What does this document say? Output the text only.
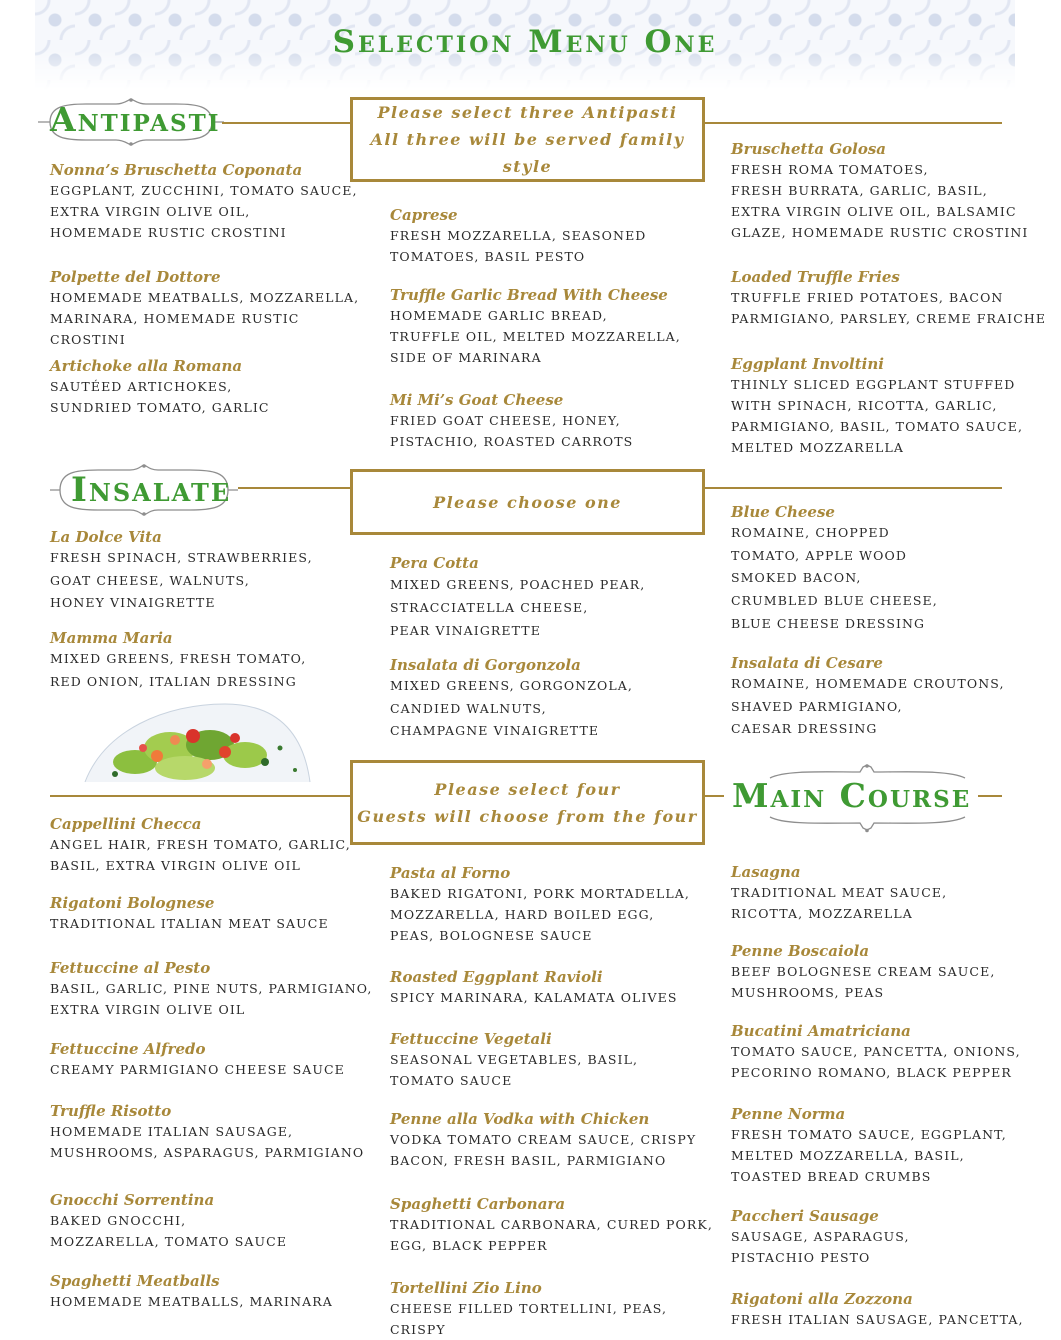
Selection Menu One
Antipasti	Please select three Antipasti
All three will be served family style
Nonna’s Bruschetta Coponata
EGGPLANT, ZUCCHINI, TOMATO SAUCE,
EXTRA VIRGIN OLIVE OIL,
HOMEMADE RUSTIC CROSTINI
Polpette del Dottore
HOMEMADE MEATBALLS, MOZZARELLA,
MARINARA, HOMEMADE RUSTIC CROSTINI
Artichoke alla Romana
SAUTÉED ARTICHOKES,
SUNDRIED TOMATO, GARLIC
Caprese
FRESH MOZZARELLA, SEASONED
TOMATOES, BASIL PESTO
Truffle Garlic Bread With Cheese
HOMEMADE GARLIC BREAD,
TRUFFLE OIL, MELTED MOZZARELLA,
SIDE OF MARINARA
Mi Mi’s Goat Cheese
FRIED GOAT CHEESE, HONEY,
PISTACHIO, ROASTED CARROTS
Bruschetta Golosa
FRESH ROMA TOMATOES,
FRESH BURRATA, GARLIC, BASIL,
EXTRA VIRGIN OLIVE OIL, BALSAMIC
GLAZE, HOMEMADE RUSTIC CROSTINI
Loaded Truffle Fries
TRUFFLE FRIED POTATOES, BACON
PARMIGIANO, PARSLEY, CREME FRAICHE
Eggplant Involtini
THINLY SLICED EGGPLANT STUFFED
WITH SPINACH, RICOTTA, GARLIC,
PARMIGIANO, BASIL, TOMATO SAUCE,
MELTED MOZZARELLA
Insalate	Please choose one
La Dolce Vita
FRESH SPINACH, STRAWBERRIES,
GOAT CHEESE, WALNUTS,
HONEY VINAIGRETTE
Mamma Maria
MIXED GREENS, FRESH TOMATO,
RED ONION, ITALIAN DRESSING
Pera Cotta
MIXED GREENS, POACHED PEAR,
STRACCIATELLA CHEESE,
PEAR VINAIGRETTE
Insalata di Gorgonzola
MIXED GREENS, GORGONZOLA,
CANDIED WALNUTS,
CHAMPAGNE VINAIGRETTE
Blue Cheese
ROMAINE, CHOPPED
TOMATO, APPLE WOOD
SMOKED BACON,
CRUMBLED BLUE CHEESE,
BLUE CHEESE DRESSING
Insalata di Cesare
ROMAINE, HOMEMADE CROUTONS,
SHAVED PARMIGIANO,
CAESAR DRESSING
Main Course
Please select four
Guests will choose from the four
Cappellini Checca
ANGEL HAIR, FRESH TOMATO, GARLIC,
BASIL, EXTRA VIRGIN OLIVE OIL
Rigatoni Bolognese
TRADITIONAL ITALIAN MEAT SAUCE
Fettuccine al Pesto
BASIL, GARLIC, PINE NUTS, PARMIGIANO,
EXTRA VIRGIN OLIVE OIL
Fettuccine Alfredo
CREAMY PARMIGIANO CHEESE SAUCE
Truffle Risotto
HOMEMADE ITALIAN SAUSAGE,
MUSHROOMS, ASPARAGUS, PARMIGIANO
Gnocchi Sorrentina
BAKED GNOCCHI,
MOZZARELLA, TOMATO SAUCE
Spaghetti Meatballs
HOMEMADE MEATBALLS, MARINARA
Pasta al Forno
BAKED RIGATONI, PORK MORTADELLA,
MOZZARELLA, HARD BOILED EGG,
PEAS, BOLOGNESE SAUCE
Roasted Eggplant Ravioli
SPICY MARINARA, KALAMATA OLIVES
Fettuccine Vegetali
SEASONAL VEGETABLES, BASIL,
TOMATO SAUCE
Penne alla Vodka with Chicken
VODKA TOMATO CREAM SAUCE, CRISPY
BACON, FRESH BASIL, PARMIGIANO
Spaghetti Carbonara
TRADITIONAL CARBONARA, CURED PORK,
EGG, BLACK PEPPER
Tortellini Zio Lino
CHEESE FILLED TORTELLINI, PEAS, CRISPY
Lasagna
TRADITIONAL MEAT SAUCE,
RICOTTA, MOZZARELLA
Penne Boscaiola
BEEF BOLOGNESE CREAM SAUCE,
MUSHROOMS, PEAS
Bucatini Amatriciana
TOMATO SAUCE, PANCETTA, ONIONS,
PECORINO ROMANO, BLACK PEPPER
Penne Norma
FRESH TOMATO SAUCE, EGGPLANT,
MELTED MOZZARELLA, BASIL,
TOASTED BREAD CRUMBS
Paccheri Sausage
SAUSAGE, ASPARAGUS,
PISTACHIO PESTO
Rigatoni alla Zozzona
FRESH ITALIAN SAUSAGE, PANCETTA,
